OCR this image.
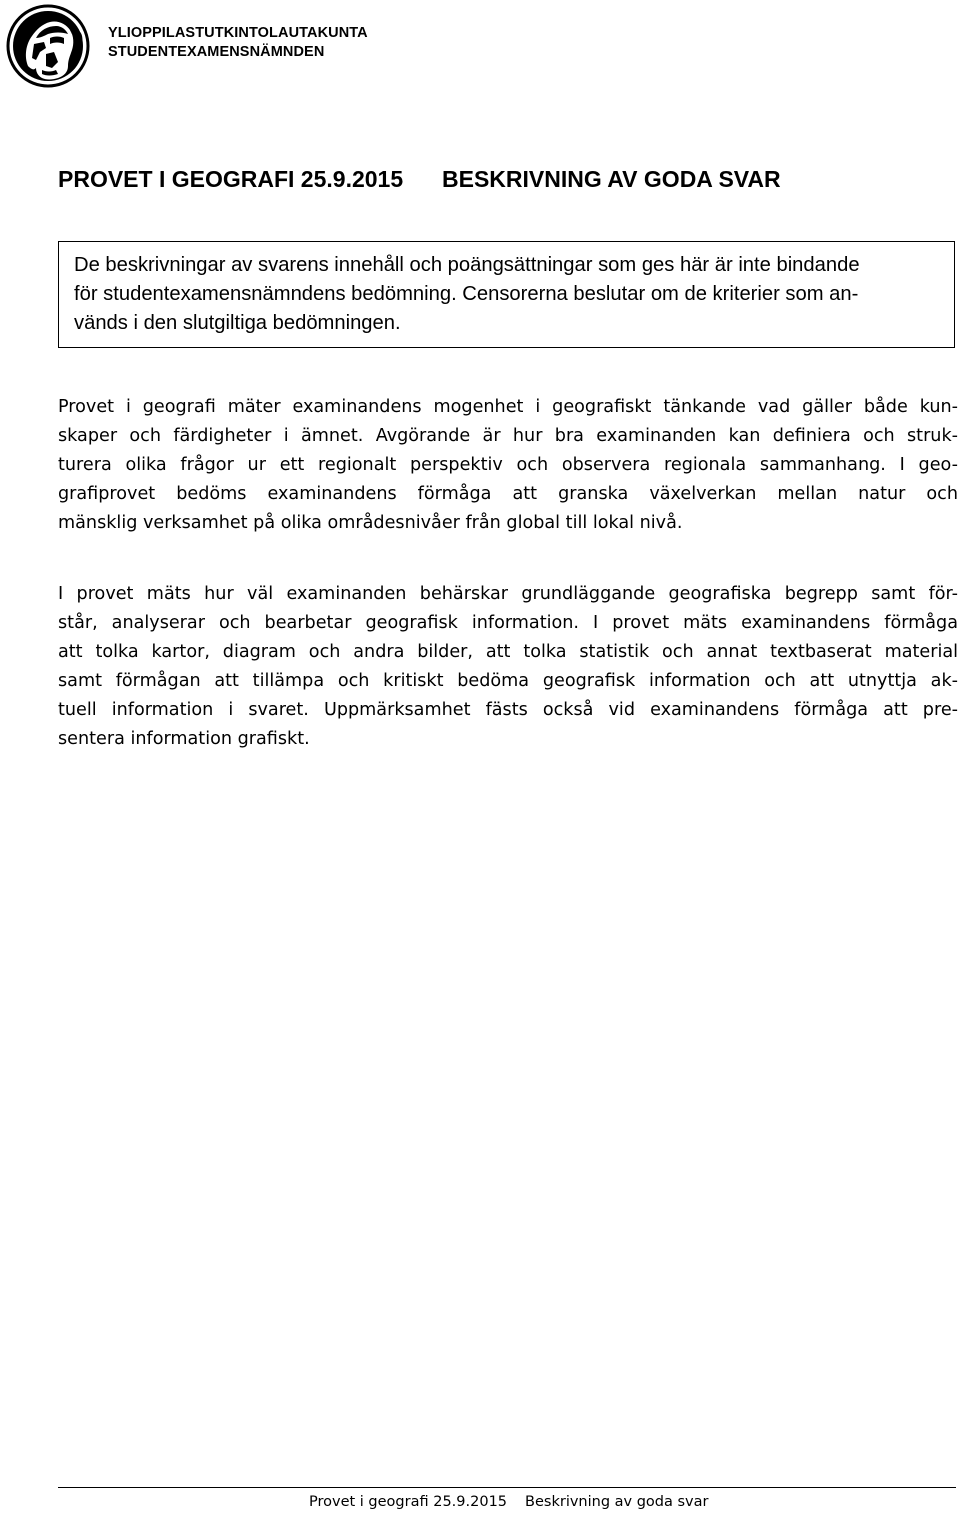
YLIOPPILASTUTKINTOLAUTAKUNTA
STUDENTEXAMENSNÄMNDEN
PROVET I GEOGRAFI 25.9.2015 BESKRIVNING AV GODA SVAR
De beskrivningar av svarens innehåll och poängsättningar som ges här är inte bindande
för studentexamensnämndens bedömning. Censorerna beslutar om de kriterier som an-
vänds i den slutgiltiga bedömningen.
Provet i geografi mäter examinandens mogenhet i geografiskt tänkande vad gäller både kun-
skaper och färdigheter i ämnet. Avgörande är hur bra examinanden kan definiera och struk-
turera olika frågor ur ett regionalt perspektiv och observera regionala sammanhang. I geo-
grafiprovet bedöms examinandens förmåga att granska växelverkan mellan natur och
mänsklig verksamhet på olika områdesnivåer från global till lokal nivå.
I provet mäts hur väl examinanden behärskar grundläggande geografiska begrepp samt för-
står, analyserar och bearbetar geografisk information. I provet mäts examinandens förmåga
att tolka kartor, diagram och andra bilder, att tolka statistik och annat textbaserat material
samt förmågan att tillämpa och kritiskt bedöma geografisk information och att utnyttja ak-
tuell information i svaret. Uppmärksamhet fästs också vid examinandens förmåga att pre-
sentera information grafiskt.
Provet i geografi 25.9.2015 Beskrivning av goda svar
